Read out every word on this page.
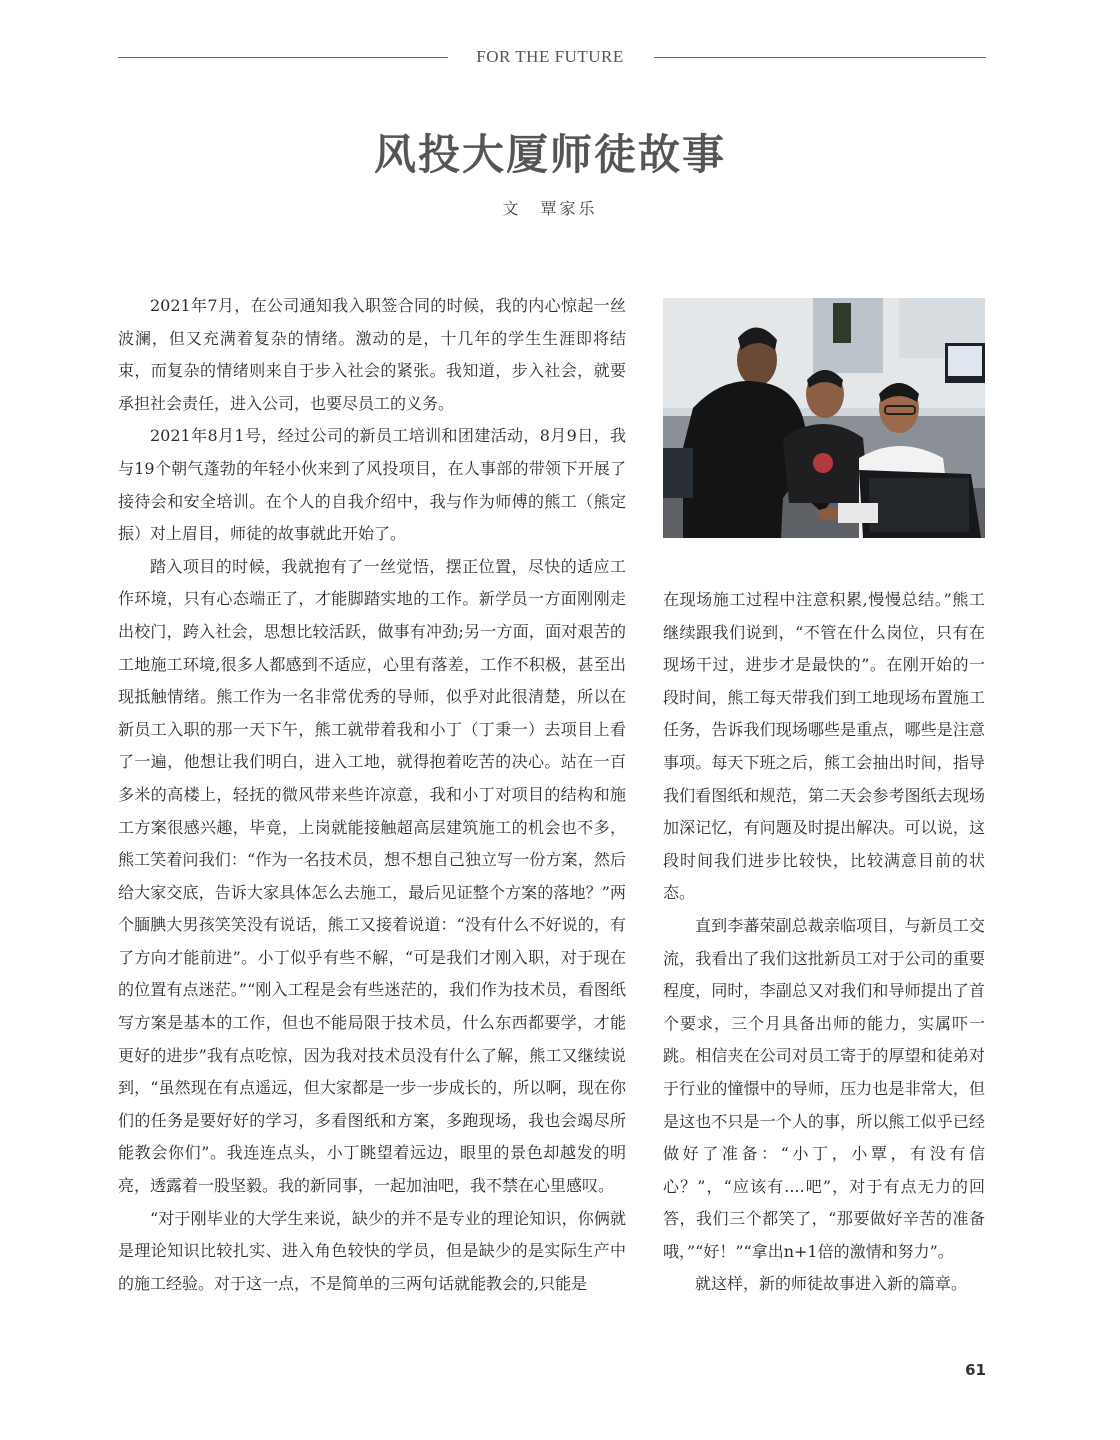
FOR THE FUTURE
风投大厦师徒故事
文　覃家乐

2021年7月，在公司通知我入职签合同的时候，我的内心惊起一丝波澜，但又充满着复杂的情绪。激动的是，十几年的学生生涯即将结束，而复杂的情绪则来自于步入社会的紧张。我知道，步入社会，就要承担社会责任，进入公司，也要尽员工的义务。

2021年8月1号，经过公司的新员工培训和团建活动，8月9日，我与19个朝气蓬勃的年轻小伙来到了风投项目，在人事部的带领下开展了接待会和安全培训。在个人的自我介绍中，我与作为师傅的熊工（熊定振）对上眉目，师徒的故事就此开始了。

踏入项目的时候，我就抱有了一丝觉悟，摆正位置，尽快的适应工作环境，只有心态端正了，才能脚踏实地的工作。新学员一方面刚刚走出校门，跨入社会，思想比较活跃，做事有冲劲;另一方面，面对艰苦的工地施工环境,很多人都感到不适应，心里有落差，工作不积极，甚至出现抵触情绪。熊工作为一名非常优秀的导师，似乎对此很清楚，所以在新员工入职的那一天下午，熊工就带着我和小丁（丁秉一）去项目上看了一遍，他想让我们明白，进入工地，就得抱着吃苦的决心。站在一百多米的高楼上，轻抚的微风带来些许凉意，我和小丁对项目的结构和施工方案很感兴趣，毕竟，上岗就能接触超高层建筑施工的机会也不多，熊工笑着问我们：“作为一名技术员，想不想自己独立写一份方案，然后给大家交底，告诉大家具体怎么去施工，最后见证整个方案的落地？”两个腼腆大男孩笑笑没有说话，熊工又接着说道：“没有什么不好说的，有了方向才能前进”。小丁似乎有些不解，“可是我们才刚入职，对于现在的位置有点迷茫。”“刚入工程是会有些迷茫的，我们作为技术员，看图纸写方案是基本的工作，但也不能局限于技术员，什么东西都要学，才能更好的进步”我有点吃惊，因为我对技术员没有什么了解，熊工又继续说到，“虽然现在有点遥远，但大家都是一步一步成长的，所以啊，现在你们的任务是要好好的学习，多看图纸和方案，多跑现场，我也会竭尽所能教会你们”。我连连点头，小丁眺望着远边，眼里的景色却越发的明亮，透露着一股坚毅。我的新同事，一起加油吧，我不禁在心里感叹。

“对于刚毕业的大学生来说，缺少的并不是专业的理论知识，你俩就是理论知识比较扎实、进入角色较快的学员，但是缺少的是实际生产中的施工经验。对于这一点，不是简单的三两句话就能教会的,只能是

在现场施工过程中注意积累,慢慢总结。”熊工继续跟我们说到，“不管在什么岗位，只有在现场干过，进步才是最快的”。在刚开始的一段时间，熊工每天带我们到工地现场布置施工任务，告诉我们现场哪些是重点，哪些是注意事项。每天下班之后，熊工会抽出时间，指导我们看图纸和规范，第二天会参考图纸去现场加深记忆，有问题及时提出解决。可以说，这段时间我们进步比较快，比较满意目前的状态。

直到李蕃荣副总裁亲临项目，与新员工交流，我看出了我们这批新员工对于公司的重要程度，同时，李副总又对我们和导师提出了首个要求，三个月具备出师的能力，实属吓一跳。相信夹在公司对员工寄于的厚望和徒弟对于行业的憧憬中的导师，压力也是非常大，但是这也不只是一个人的事，所以熊工似乎已经做好了准备：“小丁，小覃，有没有信心？”，“应该有....吧”，对于有点无力的回答，我们三个都笑了，“那要做好辛苦的准备哦，”“好！”“拿出n+1倍的激情和努力”。

就这样，新的师徒故事进入新的篇章。

61
